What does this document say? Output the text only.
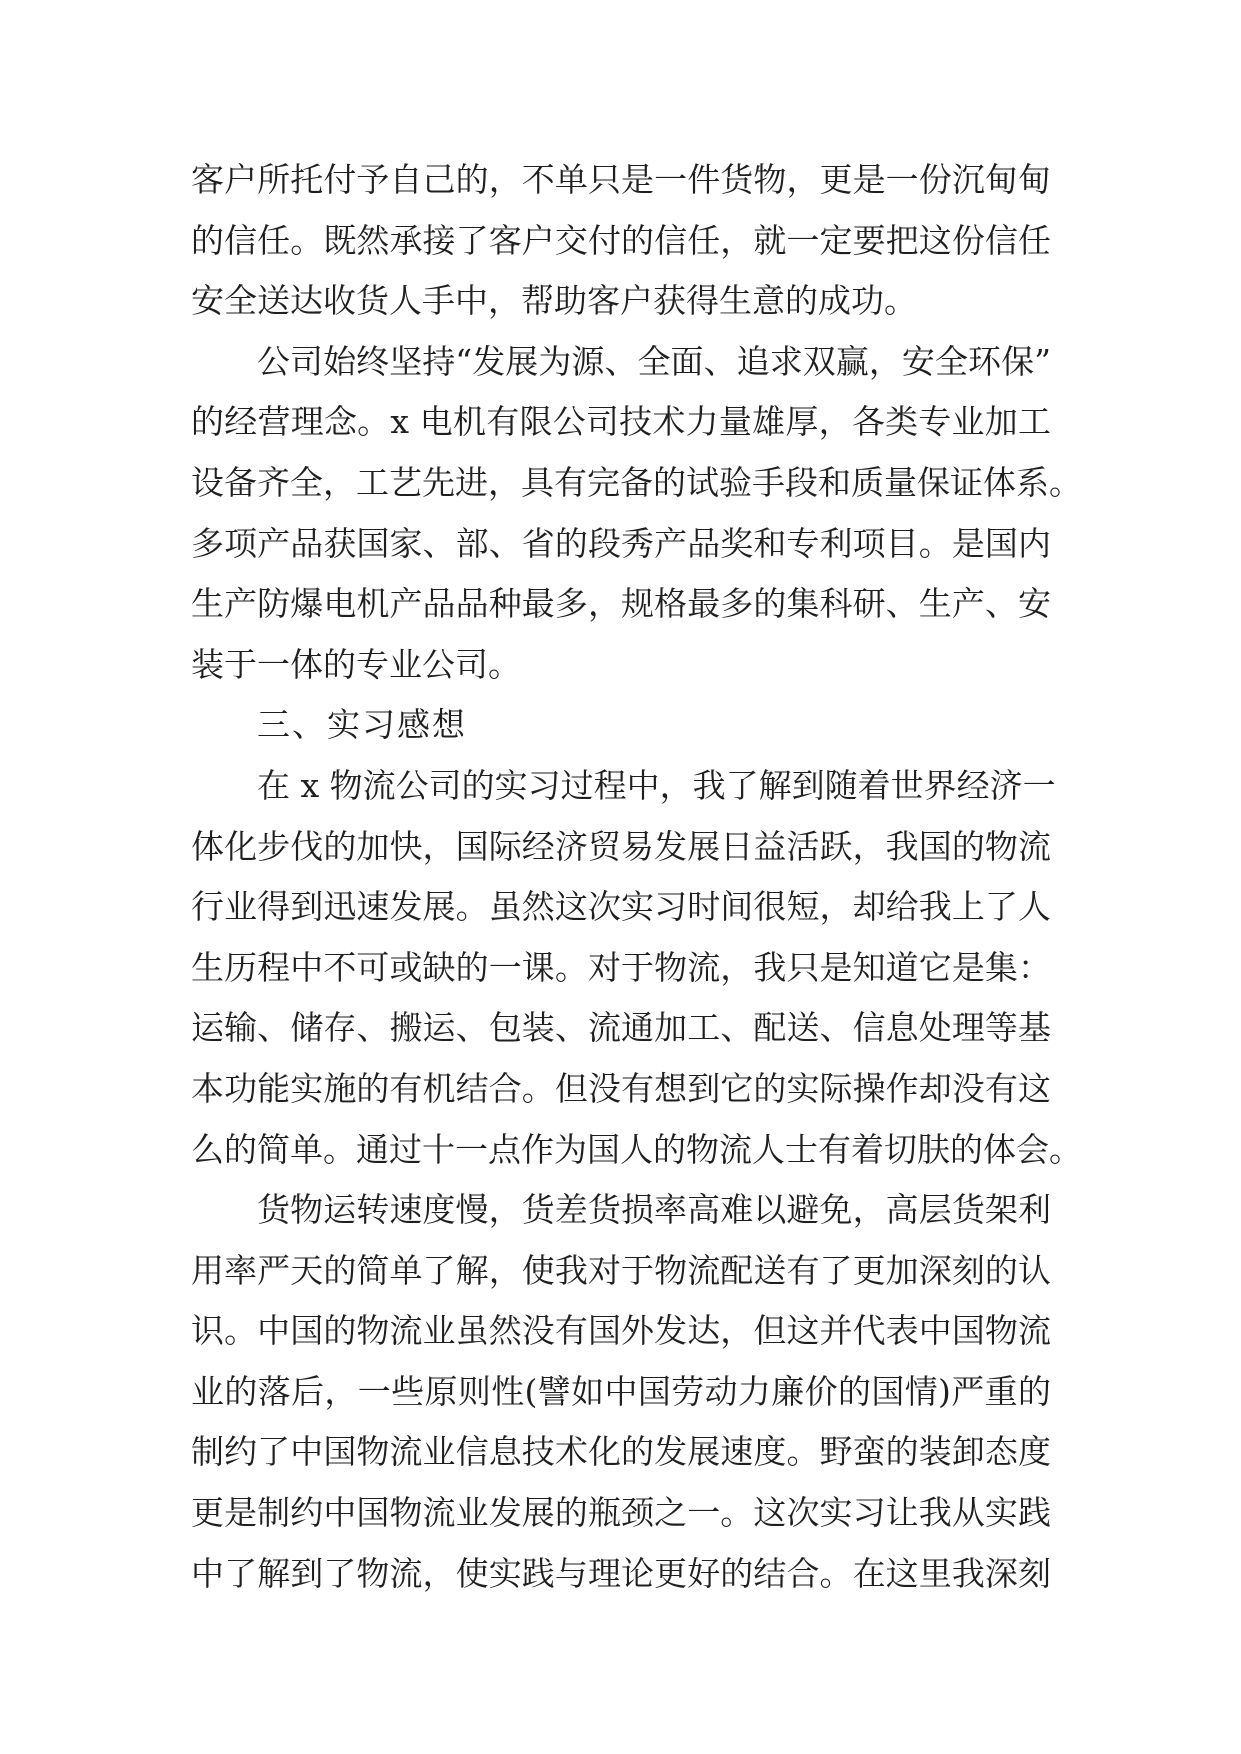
客户所托付予自己的，不单只是一件货物，更是一份沉甸甸
的信任。既然承接了客户交付的信任，就一定要把这份信任
安全送达收货人手中，帮助客户获得生意的成功。
公司始终坚持“发展为源、全面、追求双赢，安全环保”
的经营理念。x 电机有限公司技术力量雄厚，各类专业加工
设备齐全，工艺先进，具有完备的试验手段和质量保证体系。
多项产品获国家、部、省的段秀产品奖和专利项目。是国内
生产防爆电机产品品种最多，规格最多的集科研、生产、安
装于一体的专业公司。
三、实习感想
在 x 物流公司的实习过程中，我了解到随着世界经济一
体化步伐的加快，国际经济贸易发展日益活跃，我国的物流
行业得到迅速发展。虽然这次实习时间很短，却给我上了人
生历程中不可或缺的一课。对于物流，我只是知道它是集：
运输、储存、搬运、包装、流通加工、配送、信息处理等基
本功能实施的有机结合。但没有想到它的实际操作却没有这
么的简单。通过十一点作为国人的物流人士有着切肤的体会。
货物运转速度慢，货差货损率高难以避免，高层货架利
用率严天的简单了解，使我对于物流配送有了更加深刻的认
识。中国的物流业虽然没有国外发达，但这并代表中国物流
业的落后，一些原则性(譬如中国劳动力廉价的国情)严重的
制约了中国物流业信息技术化的发展速度。野蛮的装卸态度
更是制约中国物流业发展的瓶颈之一。这次实习让我从实践
中了解到了物流，使实践与理论更好的结合。在这里我深刻
